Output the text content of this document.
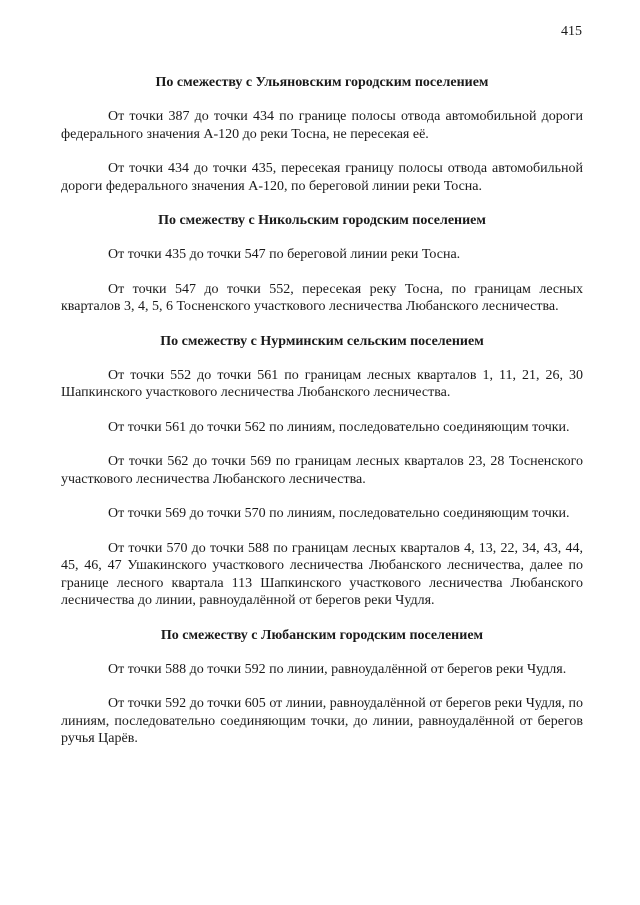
415
По смежеству с Ульяновским городским поселением

От точки 387 до точки 434 по границе полосы отвода автомобильной дороги федерального значения А-120 до реки Тосна, не пересекая её.

От точки 434 до точки 435, пересекая границу полосы отвода автомобильной дороги федерального значения А-120, по береговой линии реки Тосна.

По смежеству с Никольским городским поселением

От точки 435 до точки 547 по береговой линии реки Тосна.

От точки 547 до точки 552, пересекая реку Тосна, по границам лесных кварталов 3, 4, 5, 6 Тосненского участкового лесничества Любанского лесничества.

По смежеству с Нурминским сельским поселением

От точки 552 до точки 561 по границам лесных кварталов 1, 11, 21, 26, 30 Шапкинского участкового лесничества Любанского лесничества.

От точки 561 до точки 562 по линиям, последовательно соединяющим точки.

От точки 562 до точки 569 по границам лесных кварталов 23, 28 Тосненского участкового лесничества Любанского лесничества.

От точки 569 до точки 570 по линиям, последовательно соединяющим точки.

От точки 570 до точки 588 по границам лесных кварталов 4, 13, 22, 34, 43, 44, 45, 46, 47 Ушакинского участкового лесничества Любанского лесничества, далее по границе лесного квартала 113 Шапкинского участкового лесничества Любанского лесничества до линии, равноудалённой от берегов реки Чудля.

По смежеству с Любанским городским поселением

От точки 588 до точки 592 по линии, равноудалённой от берегов реки Чудля.

От точки 592 до точки 605 от линии, равноудалённой от берегов реки Чудля, по линиям, последовательно соединяющим точки, до линии, равноудалённой от берегов ручья Царёв.
